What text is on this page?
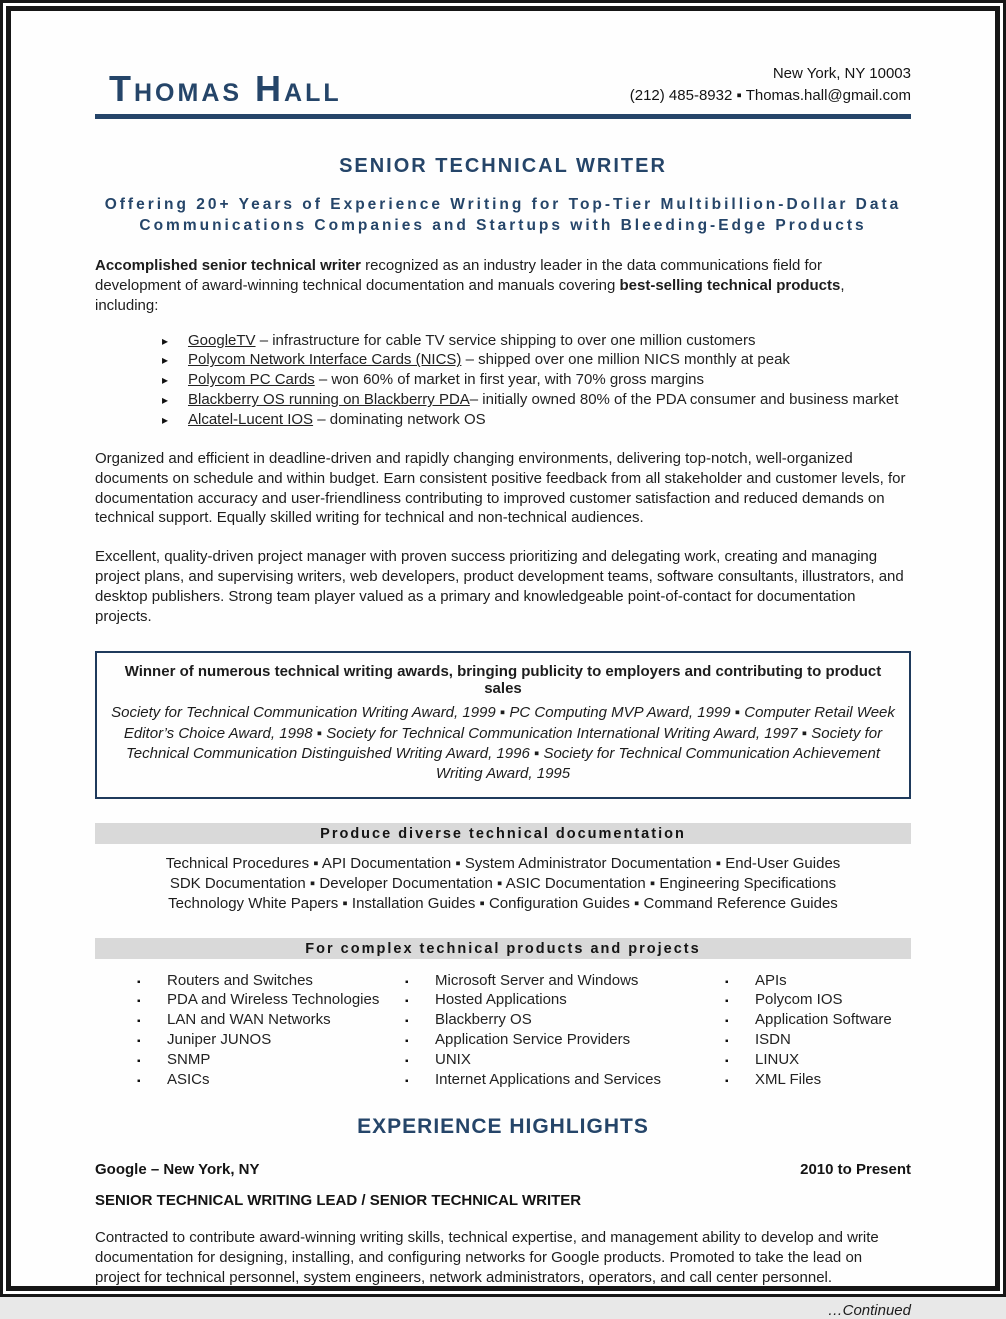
Thomas Hall	New York, NY 10003
(212) 485-8932 ▪ Thomas.hall@gmail.com
SENIOR TECHNICAL WRITER
Offering 20+ Years of Experience Writing for Top-Tier Multibillion-Dollar Data
Communications Companies and Startups with Bleeding-Edge Products
Accomplished senior technical writer recognized as an industry leader in the data communications field for development of award-winning technical documentation and manuals covering best-selling technical products, including:
▸	GoogleTV – infrastructure for cable TV service shipping to over one million customers
▸	Polycom Network Interface Cards (NICS) – shipped over one million NICS monthly at peak
▸	Polycom PC Cards – won 60% of market in first year, with 70% gross margins
▸	Blackberry OS running on Blackberry PDA– initially owned 80% of the PDA consumer and business market
▸	Alcatel-Lucent IOS – dominating network OS
Organized and efficient in deadline-driven and rapidly changing environments, delivering top-notch, well-organized documents on schedule and within budget. Earn consistent positive feedback from all stakeholder and customer levels, for documentation accuracy and user-friendliness contributing to improved customer satisfaction and reduced demands on technical support. Equally skilled writing for technical and non-technical audiences.
Excellent, quality-driven project manager with proven success prioritizing and delegating work, creating and managing project plans, and supervising writers, web developers, product development teams, software consultants, illustrators, and desktop publishers. Strong team player valued as a primary and knowledgeable point-of-contact for documentation projects.
Winner of numerous technical writing awards, bringing publicity to employers and contributing to product sales
Society for Technical Communication Writing Award, 1999 ▪ PC Computing MVP Award, 1999 ▪ Computer Retail Week Editor’s Choice Award, 1998 ▪ Society for Technical Communication International Writing Award, 1997 ▪ Society for Technical Communication Distinguished Writing Award, 1996 ▪ Society for Technical Communication Achievement Writing Award, 1995
Produce diverse technical documentation
Technical Procedures ▪ API Documentation ▪ System Administrator Documentation ▪ End-User Guides
SDK Documentation ▪ Developer Documentation ▪ ASIC Documentation ▪ Engineering Specifications
Technology White Papers ▪ Installation Guides ▪ Configuration Guides ▪ Command Reference Guides
For complex technical products and projects
▪	Routers and Switches
▪	PDA and Wireless Technologies
▪	LAN and WAN Networks
▪	Juniper JUNOS
▪	SNMP
▪	ASICs
▪	Microsoft Server and Windows
▪	Hosted Applications
▪	Blackberry OS
▪	Application Service Providers
▪	UNIX
▪	Internet Applications and Services
▪	APIs
▪	Polycom IOS
▪	Application Software
▪	ISDN
▪	LINUX
▪	XML Files
EXPERIENCE HIGHLIGHTS
Google – New York, NY	2010 to Present
SENIOR TECHNICAL WRITING LEAD / SENIOR TECHNICAL WRITER
Contracted to contribute award-winning writing skills, technical expertise, and management ability to develop and write documentation for designing, installing, and configuring networks for Google products. Promoted to take the lead on project for technical personnel, system engineers, network administrators, operators, and call center personnel.
…Continued
